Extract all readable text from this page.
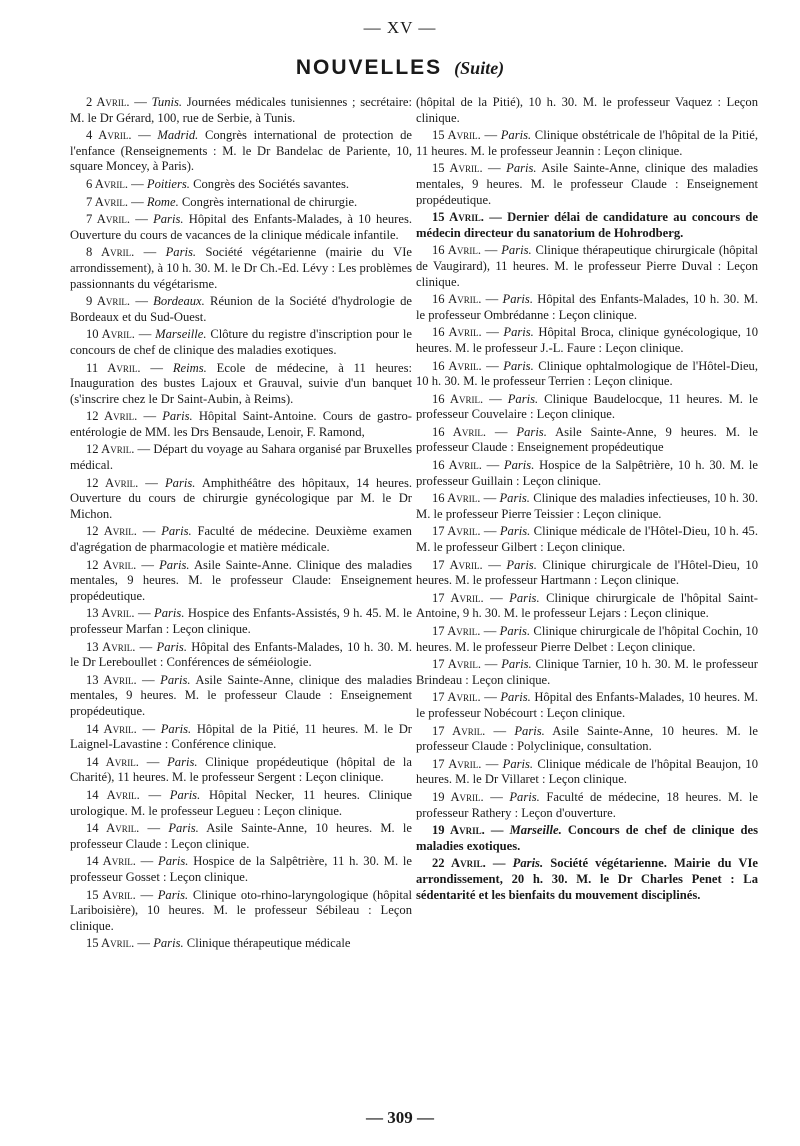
— XV —
NOUVELLES (Suite)

2 Avril. — Tunis. Journées médicales tunisiennes ; secrétaire: M. le Dr Gérard, 100, rue de Serbie, à Tunis.

4 Avril. — Madrid. Congrès international de protection de l'enfance (Renseignements : M. le Dr Bandelac de Pariente, 10, square Moncey, à Paris).

6 Avril. — Poitiers. Congrès des Sociétés savantes.

7 Avril. — Rome. Congrès international de chirurgie.

7 Avril. — Paris. Hôpital des Enfants-Malades, à 10 heures. Ouverture du cours de vacances de la clinique médicale infantile.

8 Avril. — Paris. Société végétarienne (mairie du VIe arrondissement), à 10 h. 30. M. le Dr Ch.-Ed. Lévy : Les problèmes passionnants du végétarisme.

9 Avril. — Bordeaux. Réunion de la Société d'hydrologie de Bordeaux et du Sud-Ouest.

10 Avril. — Marseille. Clôture du registre d'inscription pour le concours de chef de clinique des maladies exotiques.

11 Avril. — Reims. Ecole de médecine, à 11 heures: Inauguration des bustes Lajoux et Grauval, suivie d'un banquet (s'inscrire chez le Dr Saint-Aubin, à Reims).

12 Avril. — Paris. Hôpital Saint-Antoine. Cours de gastro-entérologie de MM. les Drs Bensaude, Lenoir, F. Ramond,

12 Avril. — Départ du voyage au Sahara organisé par Bruxelles médical.

12 Avril. — Paris. Amphithéâtre des hôpitaux, 14 heures. Ouverture du cours de chirurgie gynécologique par M. le Dr Michon.

12 Avril. — Paris. Faculté de médecine. Deuxième examen d'agrégation de pharmacologie et matière médicale.

12 Avril. — Paris. Asile Sainte-Anne. Clinique des maladies mentales, 9 heures. M. le professeur Claude: Enseignement propédeutique.

13 Avril. — Paris. Hospice des Enfants-Assistés, 9 h. 45. M. le professeur Marfan : Leçon clinique.

13 Avril. — Paris. Hôpital des Enfants-Malades, 10 h. 30. M. le Dr Lereboullet : Conférences de séméiologie.

13 Avril. — Paris. Asile Sainte-Anne, clinique des maladies mentales, 9 heures. M. le professeur Claude : Enseignement propédeutique.

14 Avril. — Paris. Hôpital de la Pitié, 11 heures. M. le Dr Laignel-Lavastine : Conférence clinique.

14 Avril. — Paris. Clinique propédeutique (hôpital de la Charité), 11 heures. M. le professeur Sergent : Leçon clinique.

14 Avril. — Paris. Hôpital Necker, 11 heures. Clinique urologique. M. le professeur Legueu : Leçon clinique.

14 Avril. — Paris. Asile Sainte-Anne, 10 heures. M. le professeur Claude : Leçon clinique.

14 Avril. — Paris. Hospice de la Salpêtrière, 11 h. 30. M. le professeur Gosset : Leçon clinique.

15 Avril. — Paris. Clinique oto-rhino-laryngologique (hôpital Lariboisière), 10 heures. M. le professeur Sébileau : Leçon clinique.

15 Avril. — Paris. Clinique thérapeutique médicale

(hôpital de la Pitié), 10 h. 30. M. le professeur Vaquez : Leçon clinique.

15 Avril. — Paris. Clinique obstétricale de l'hôpital de la Pitié, 11 heures. M. le professeur Jeannin : Leçon clinique.

15 Avril. — Paris. Asile Sainte-Anne, clinique des maladies mentales, 9 heures. M. le professeur Claude : Enseignement propédeutique.

15 Avril. — Dernier délai de candidature au concours de médecin directeur du sanatorium de Hohrodberg.

16 Avril. — Paris. Clinique thérapeutique chirurgicale (hôpital de Vaugirard), 11 heures. M. le professeur Pierre Duval : Leçon clinique.

16 Avril. — Paris. Hôpital des Enfants-Malades, 10 h. 30. M. le professeur Ombrédanne : Leçon clinique.

16 Avril. — Paris. Hôpital Broca, clinique gynécologique, 10 heures. M. le professeur J.-L. Faure : Leçon clinique.

16 Avril. — Paris. Clinique ophtalmologique de l'Hôtel-Dieu, 10 h. 30. M. le professeur Terrien : Leçon clinique.

16 Avril. — Paris. Clinique Baudelocque, 11 heures. M. le professeur Couvelaire : Leçon clinique.

16 Avril. — Paris. Asile Sainte-Anne, 9 heures. M. le professeur Claude : Enseignement propédeutique

16 Avril. — Paris. Hospice de la Salpêtrière, 10 h. 30. M. le professeur Guillain : Leçon clinique.

16 Avril. — Paris. Clinique des maladies infectieuses, 10 h. 30. M. le professeur Pierre Teissier : Leçon clinique.

17 Avril. — Paris. Clinique médicale de l'Hôtel-Dieu, 10 h. 45. M. le professeur Gilbert : Leçon clinique.

17 Avril. — Paris. Clinique chirurgicale de l'Hôtel-Dieu, 10 heures. M. le professeur Hartmann : Leçon clinique.

17 Avril. — Paris. Clinique chirurgicale de l'hôpital Saint-Antoine, 9 h. 30. M. le professeur Lejars : Leçon clinique.

17 Avril. — Paris. Clinique chirurgicale de l'hôpital Cochin, 10 heures. M. le professeur Pierre Delbet : Leçon clinique.

17 Avril. — Paris. Clinique Tarnier, 10 h. 30. M. le professeur Brindeau : Leçon clinique.

17 Avril. — Paris. Hôpital des Enfants-Malades, 10 heures. M. le professeur Nobécourt : Leçon clinique.

17 Avril. — Paris. Asile Sainte-Anne, 10 heures. M. le professeur Claude : Polyclinique, consultation.

17 Avril. — Paris. Clinique médicale de l'hôpital Beaujon, 10 heures. M. le Dr Villaret : Leçon clinique.

19 Avril. — Paris. Faculté de médecine, 18 heures. M. le professeur Rathery : Leçon d'ouverture.

19 Avril. — Marseille. Concours de chef de clinique des maladies exotiques.

22 Avril. — Paris. Société végétarienne. Mairie du VIe arrondissement, 20 h. 30. M. le Dr Charles Penet : La sédentarité et les bienfaits du mouvement disciplinés.

— 309 —
